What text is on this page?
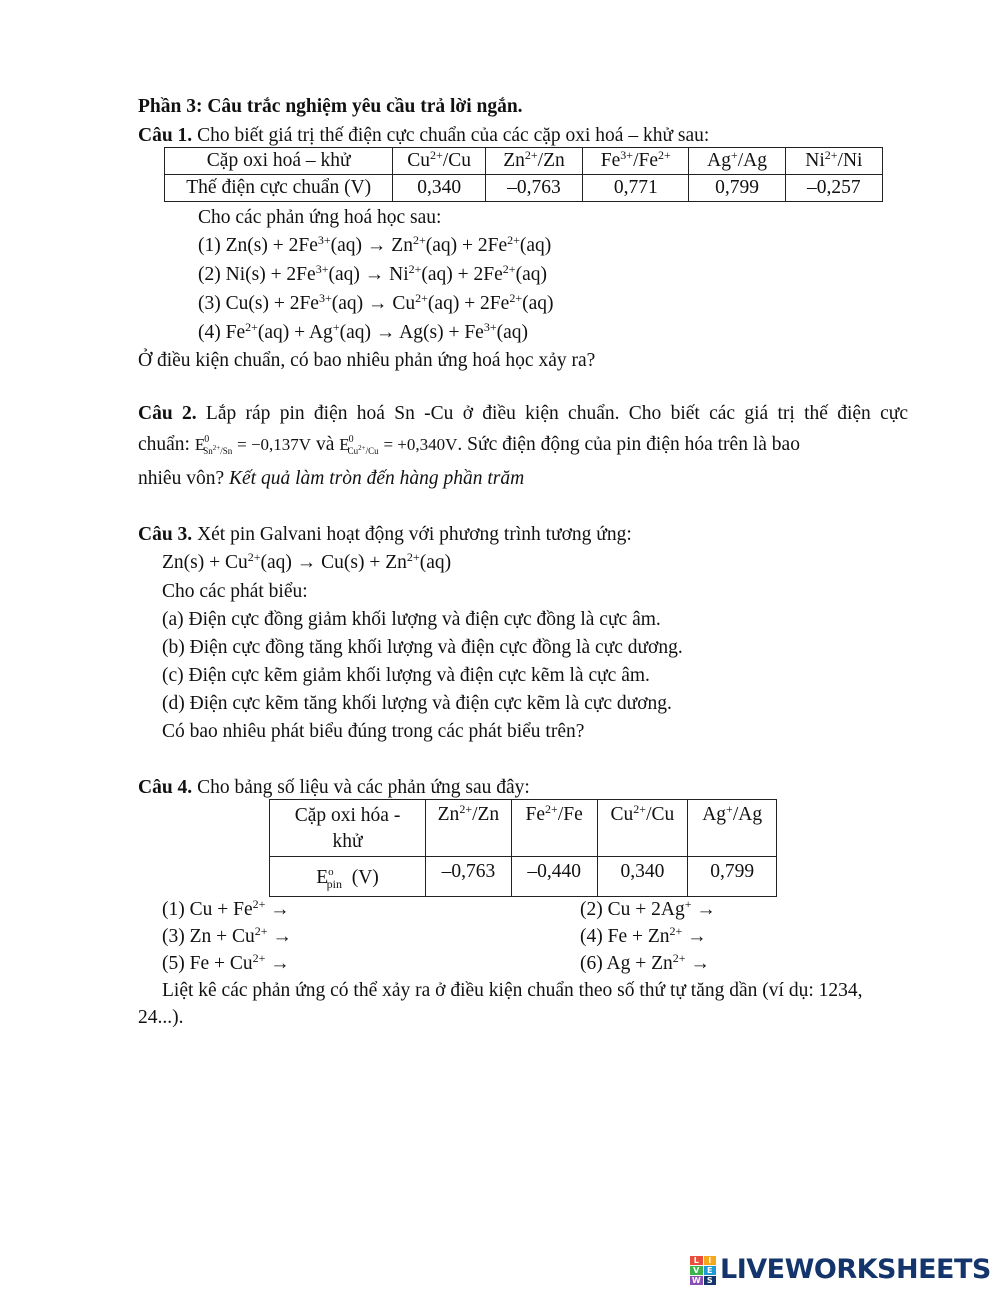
Phần 3: Câu trắc nghiệm yêu cầu trả lời ngắn.
Câu 1. Cho biết giá trị thế điện cực chuẩn của các cặp oxi hoá – khử sau:
Cặp oxi hoá – khử	$Cu^{2+}/Cu$	$Zn^{2+}/Zn$	$Fe^{3+}/Fe^{2+}$	Ag+/Ag	$Ni^{2+}/Ni$
Thế điện cực chuẩn (V)	0,340	–0,763	0,771	0,799	–0,257
Cho các phản ứng hoá học sau:
(1) $Zn(s) + 2Fe^{3+}(aq) \to Zn^{2+}(aq) + 2Fe^{2+}(aq)$
(2) $Ni(s) + 2Fe^{3+}(aq) \to Ni^{2+}(aq) + 2Fe^{2+}(aq)$
(3) $Cu(s) + 2Fe^{3+}(aq) \to Cu^{2+}(aq) + 2Fe^{2+}(aq)$
(4) $Fe^{2+}(aq) + Ag^+(aq) \to Ag(s) + Fe^{3+}(aq)$
Ở điều kiện chuẩn, có bao nhiêu phản ứng hoá học xảy ra?
Câu 2. Lắp ráp pin điện hoá Sn -Cu ở điều kiện chuẩn. Cho biết các giá trị thế điện cực
chuẩn: $E^0_{Sn^{2+}/Sn} = -0,137V$ và $E^0_{Cu^{2+}/Cu} = +0,340V$. Sức điện động của pin điện hóa trên là bao
nhiêu vôn? Kết quả làm tròn đến hàng phần trăm
Câu 3. Xét pin Galvani hoạt động với phương trình tương ứng:
$Zn(s) + Cu^{2+}(aq) \to Cu(s) + Zn^{2+}(aq)$
Cho các phát biểu:
(a) Điện cực đồng giảm khối lượng và điện cực đồng là cực âm.
(b) Điện cực đồng tăng khối lượng và điện cực đồng là cực dương.
(c) Điện cực kẽm giảm khối lượng và điện cực kẽm là cực âm.
(d) Điện cực kẽm tăng khối lượng và điện cực kẽm là cực dương.
Có bao nhiêu phát biểu đúng trong các phát biểu trên?
Câu 4. Cho bảng số liệu và các phản ứng sau đây:
Cặp oxi hóa -
khử	$Zn^{2+}/Zn$	$Fe^{2+}/Fe$	$Cu^{2+}/Cu$	Ag+/Ag
$E^o_{pin}$ (V)	–0,763	–0,440	0,340	0,799
(1) $Cu + Fe^{2+}$ →	(2) Cu + 2Ag+ →
(3) $Zn + Cu^{2+}$ →	(4) $Fe + Zn^{2+}$ →
(5) $Fe + Cu^{2+}$ →	(6) $Ag + Zn^{2+}$ →
Liệt kê các phản ứng có thể xảy ra ở điều kiện chuẩn theo số thứ tự tăng dần (ví dụ: 1234,
24...).
L	I
V E
W S LIVEWORKSHEETS
